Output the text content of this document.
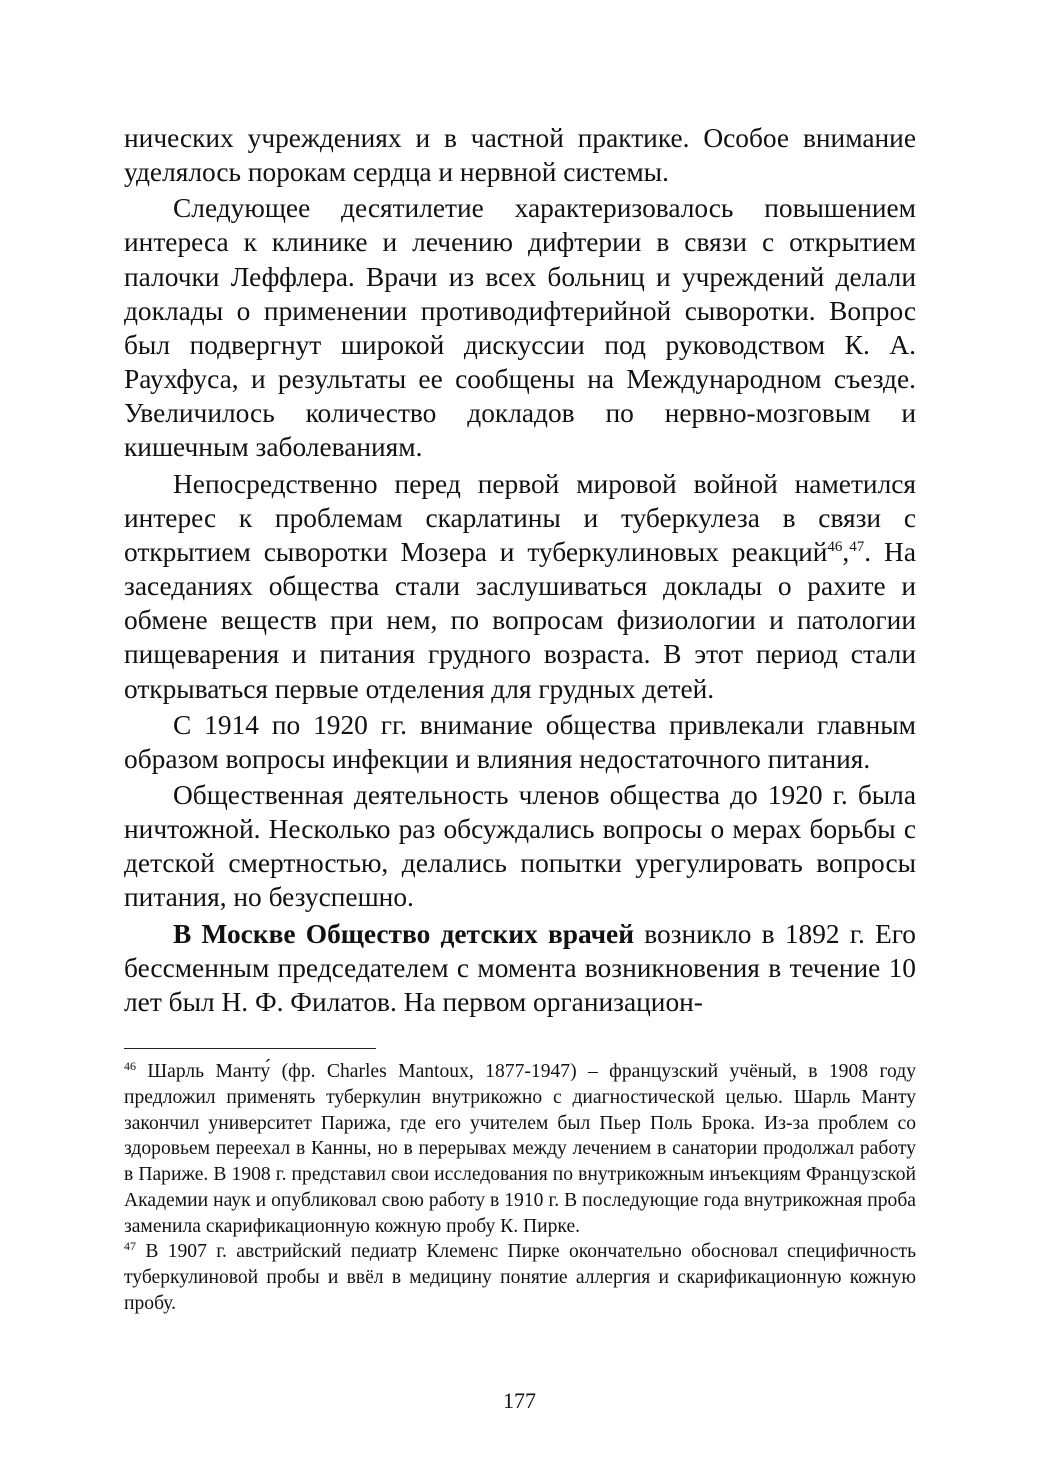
нических учреждениях и в частной практике. Особое внимание уделялось порокам сердца и нервной системы.

Следующее десятилетие характеризовалось повышением интереса к клинике и лечению дифтерии в связи с открытием палочки Леффлера. Врачи из всех больниц и учреждений делали доклады о применении противодифтерийной сыворотки. Вопрос был подвергнут широкой дискуссии под руководством К. А. Раухфуса, и результаты ее сообщены на Международном съезде. Увеличилось количество докладов по нервно-мозговым и кишечным заболеваниям.

Непосредственно перед первой мировой войной наметился интерес к проблемам скарлатины и туберкулеза в связи с открытием сыворотки Мозера и туберкулиновых реакций$^{46}$,$^{47}$. На заседаниях общества стали заслушиваться доклады о рахите и обмене веществ при нем, по вопросам физиологии и патологии пищеварения и питания грудного возраста. В этот период стали открываться первые отделения для грудных детей.

С 1914 по 1920 гг. внимание общества привлекали главным образом вопросы инфекции и влияния недостаточного питания.

Общественная деятельность членов общества до 1920 г. была ничтожной. Несколько раз обсуждались вопросы о мерах борьбы с детской смертностью, делались попытки урегулировать вопросы питания, но безуспешно.

В Москве Общество детских врачей возникло в 1892 г. Его бессменным председателем с момента возникновения в течение 10 лет был Н. Ф. Филатов. На первом организацион-

$^{46}$ Шарль Манту́ (фр. Charles Mantoux, 1877-1947) – французский учёный, в 1908 году предложил применять туберкулин внутрикожно с диагностической целью. Шарль Манту закончил университет Парижа, где его учителем был Пьер Поль Брока. Из-за проблем со здоровьем переехал в Канны, но в перерывах между лечением в санатории продолжал работу в Париже. В 1908 г. представил свои исследования по внутрикожным инъекциям Французской Академии наук и опубликовал свою работу в 1910 г. В последующие года внутрикожная проба заменила скарификационную кожную пробу К. Пирке.

$^{47}$ В 1907 г. австрийский педиатр Клеменс Пирке окончательно обосновал специфичность туберкулиновой пробы и ввёл в медицину понятие аллергия и скарификационную кожную пробу.

177
